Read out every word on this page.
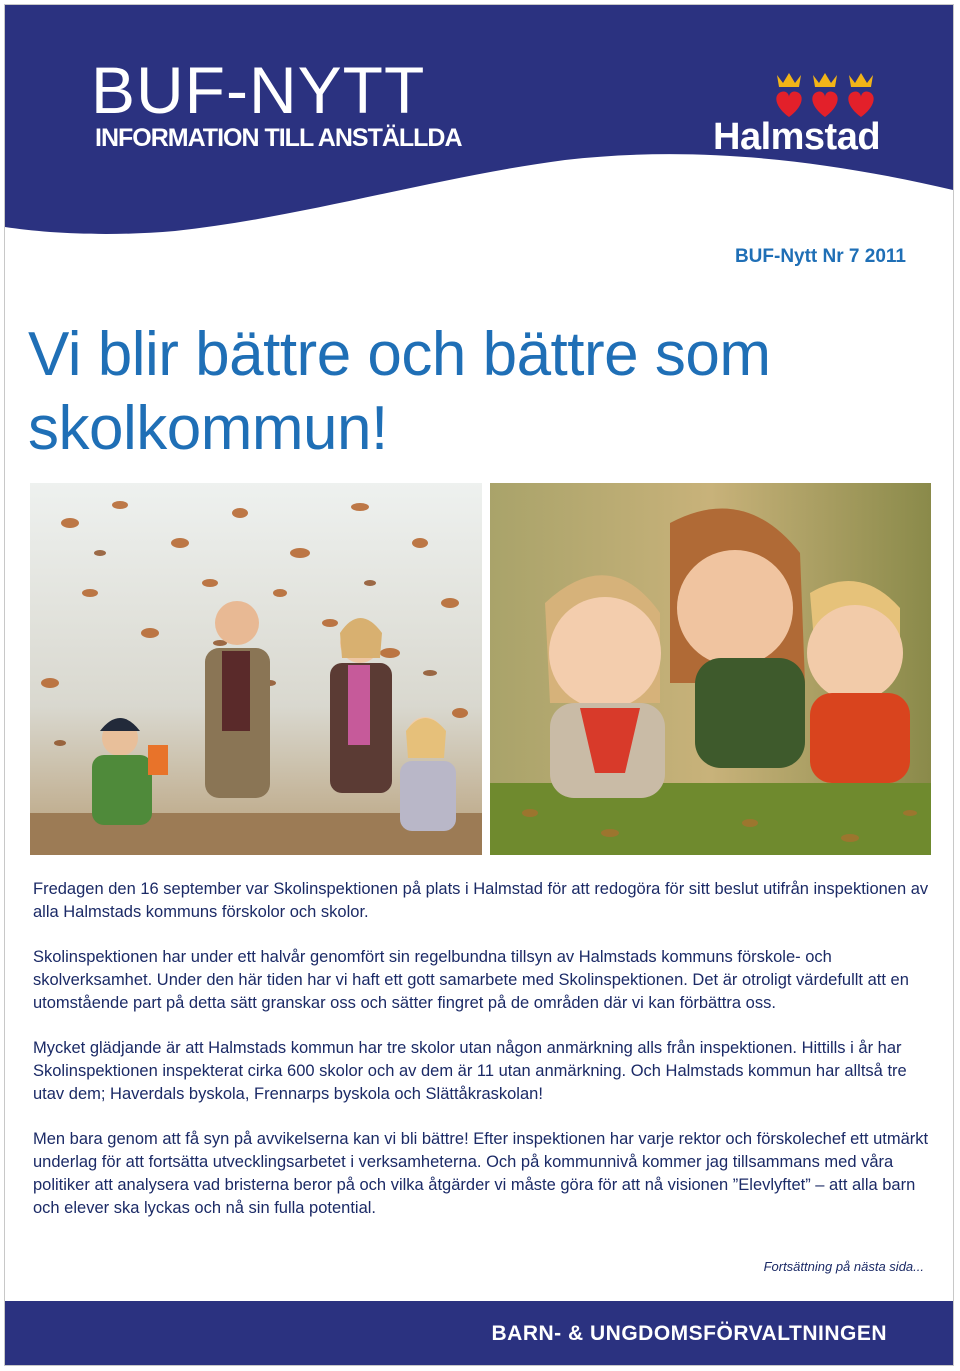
BUF-NYTT
INFORMATION TILL ANSTÄLLDA	Halmstad
BUF-Nytt Nr 7 2011
Vi blir bättre och bättre som skolkommun!

Fredagen den 16 september var Skolinspektionen på plats i Halmstad för att redogöra för sitt beslut utifrån inspektionen av alla Halmstads kommuns förskolor och skolor.

Skolinspektionen har under ett halvår genomfört sin regelbundna tillsyn av Halmstads kommuns förskole- och skolverksamhet. Under den här tiden har vi haft ett gott samarbete med Skolinspektionen. Det är otroligt värdefullt att en utomstående part på detta sätt granskar oss och sätter fingret på de områden där vi kan förbättra oss.

Mycket glädjande är att Halmstads kommun har tre skolor utan någon anmärkning alls från inspektionen. Hittills i år har Skolinspektionen inspekterat cirka 600 skolor och av dem är 11 utan anmärkning. Och Halmstads kommun har alltså tre utav dem; Haverdals byskola, Frennarps byskola och Slättåkraskolan!

Men bara genom att få syn på avvikelserna kan vi bli bättre! Efter inspektionen har varje rektor och förskolechef ett utmärkt underlag för att fortsätta utvecklingsarbetet i verksamheterna. Och på kommunnivå kommer jag tillsammans med våra politiker att analysera vad bristerna beror på och vilka åtgärder vi måste göra för att nå visionen ”Elevlyftet” – att alla barn och elever ska lyckas och nå sin fulla potential.

Fortsättning på nästa sida...
BARN- & UNGDOMSFÖRVALTNINGEN
